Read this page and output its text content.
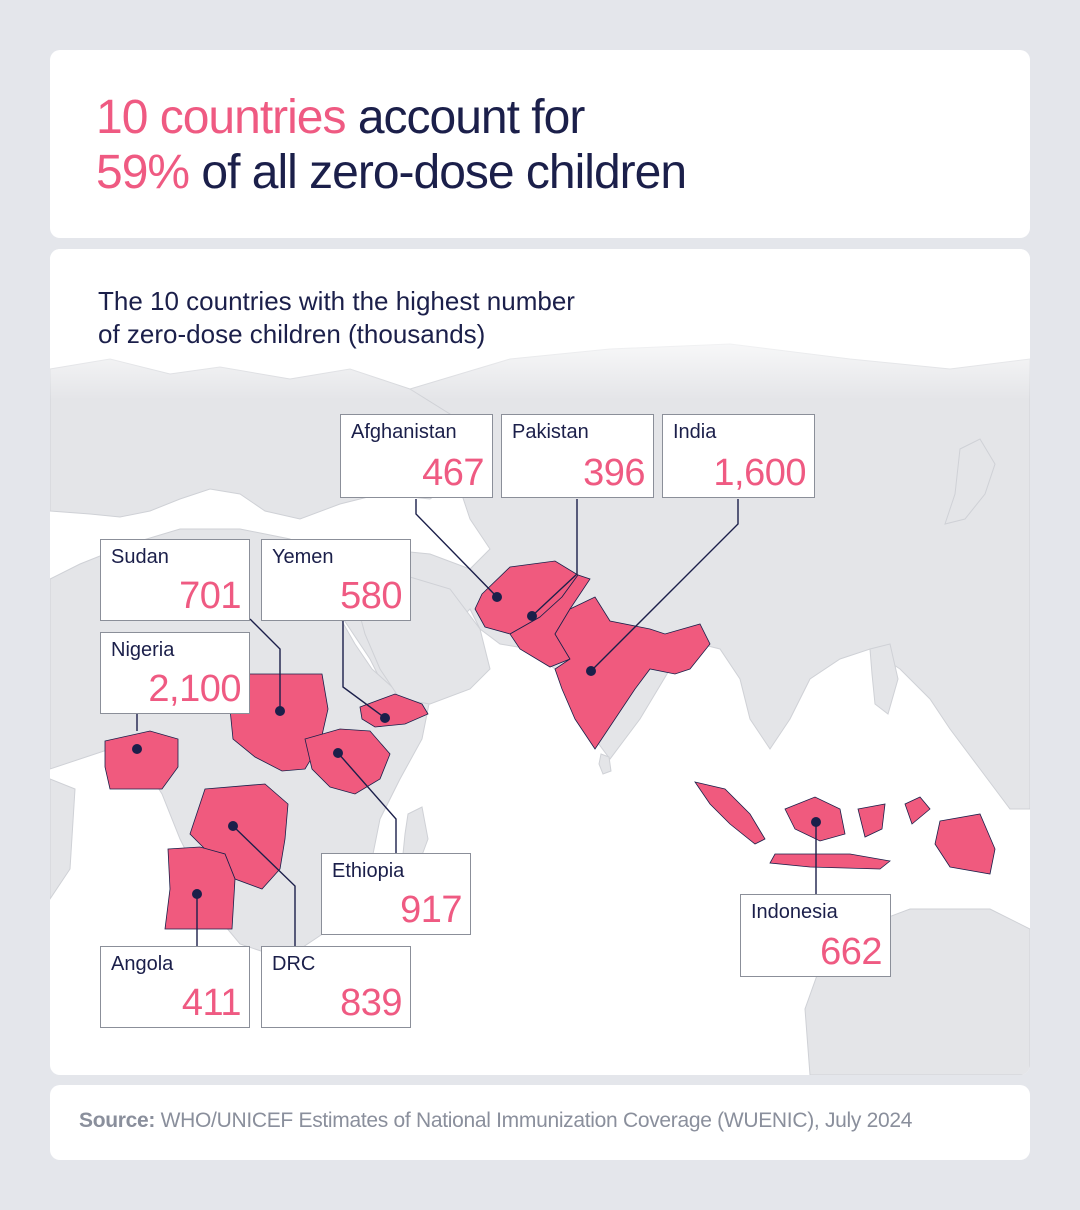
10 countries account for
59% of all zero-dose children
The 10 countries with the highest number
of zero-dose children (thousands)
Afghanistan
467
Pakistan
396
India
1,600
Sudan
701
Yemen
580
Nigeria
2,100
Ethiopia
917
Angola
411
DRC
839
Indonesia
662
Source: WHO/UNICEF Estimates of National Immunization Coverage (WUENIC), July 2024
